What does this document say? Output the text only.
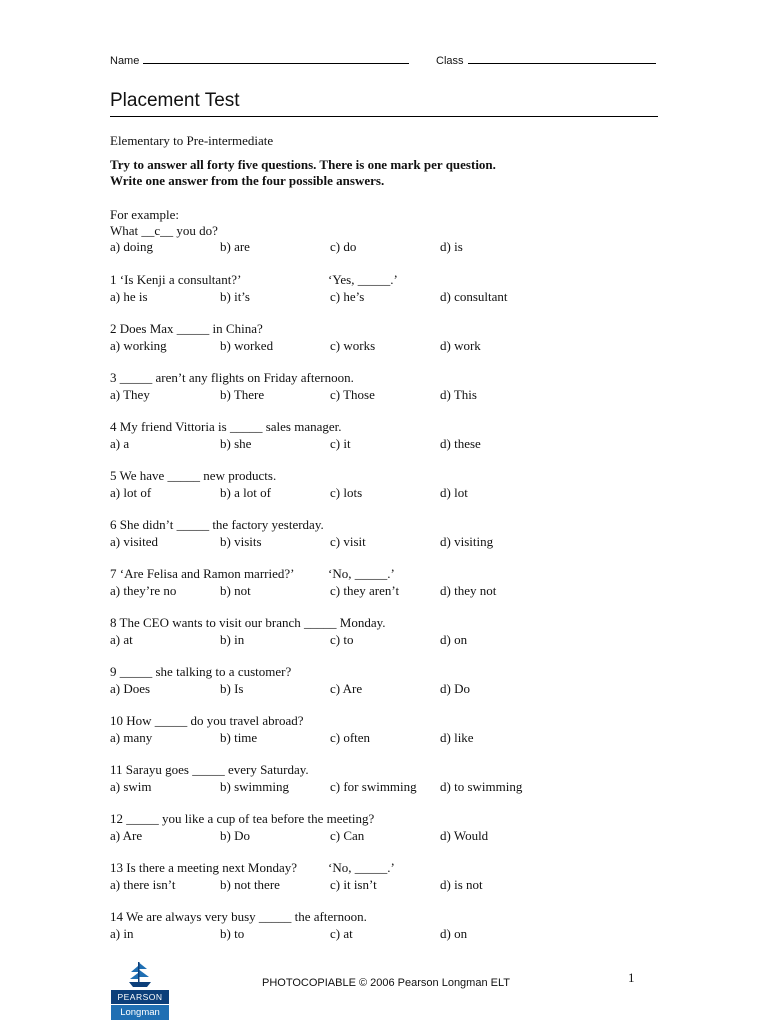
Name	Class
Placement Test
Elementary to Pre-intermediate
Try to answer all forty five questions. There is one mark per question.
Write one answer from the four possible answers.
For example:
What __c__ you do?
a) doing	b) are	c) do	d) is
1 ‘Is Kenji a consultant?’	‘Yes, _____.’
a) he is	b) it’s	c) he’s	d) consultant
2 Does Max _____ in China?
a) working	b) worked	c) works	d) work
3 _____ aren’t any flights on Friday afternoon.
a) They	b) There	c) Those	d) This
4 My friend Vittoria is _____ sales manager.
a) a	b) she	c) it	d) these
5 We have _____ new products.
a) lot of	b) a lot of	c) lots	d) lot
6 She didn’t _____ the factory yesterday.
a) visited	b) visits	c) visit	d) visiting
7 ‘Are Felisa and Ramon married?’	‘No, _____.’
a) they’re no	b) not	c) they aren’t	d) they not
8 The CEO wants to visit our branch _____ Monday.
a) at	b) in	c) to	d) on
9 _____ she talking to a customer?
a) Does	b) Is	c) Are	d) Do
10 How _____ do you travel abroad?
a) many	b) time	c) often	d) like
11 Sarayu goes _____ every Saturday.
a) swim	b) swimming	c) for swimming d) to swimming
12 _____ you like a cup of tea before the meeting?
a) Are	b) Do	c) Can	d) Would
13 Is there a meeting next Monday? ‘No, _____.’
a) there isn’t	b) not there	c) it isn’t	d) is not
14 We are always very busy _____ the afternoon.
a) in	b) to	c) at	d) on
PEARSON
Longman
PHOTOCOPIABLE © 2006 Pearson Longman ELT	1
